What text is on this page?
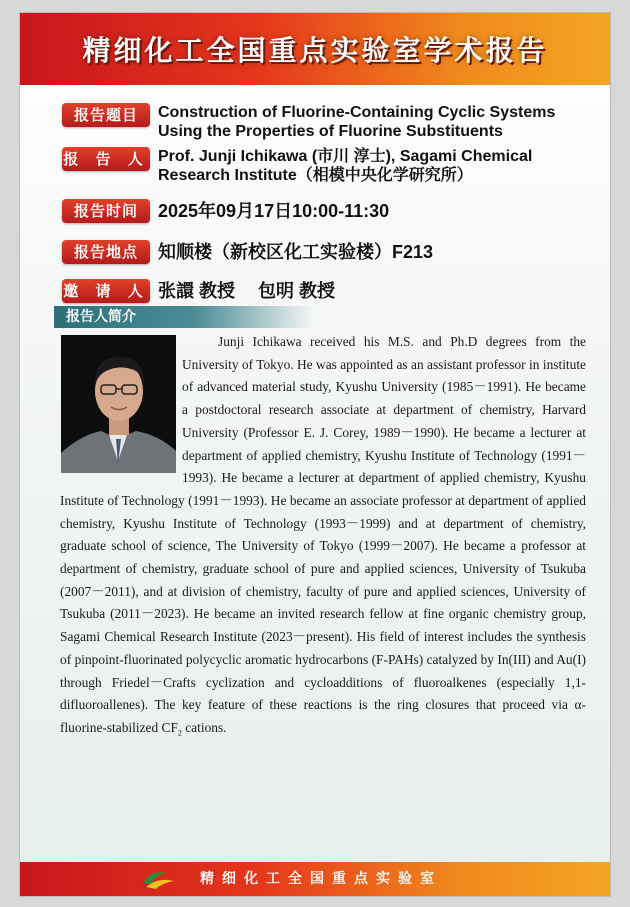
精细化工全国重点实验室学术报告
报告题目	Construction of Fluorine-Containing Cyclic Systems Using the Properties of Fluorine Substituents
报 告 人 Prof. Junji Ichikawa (市川 淳士), Sagami Chemical Research Institute（相模中央化学研究所）
报告时间	2025年09月17日10:00-11:30
报告地点	知顺楼（新校区化工实验楼）F213
邀 请 人 张譞 教授　 包明 教授
报告人简介
Junji Ichikawa received his M.S. and Ph.D degrees from the University of Tokyo. He was appointed as an assistant professor in institute of advanced material study, Kyushu University (1985－1991). He became a postdoctoral research associate at department of chemistry, Harvard University (Professor E. J. Corey, 1989－1990). He became a lecturer at department of applied chemistry, Kyushu Institute of Technology (1991－1993). He became a lecturer at department of applied chemistry, Kyushu Institute of Technology (1991－1993). He became an associate professor at department of applied chemistry, Kyushu Institute of Technology (1993－1999) and at department of chemistry, graduate school of science, The University of Tokyo (1999－2007). He became a professor at department of chemistry, graduate school of pure and applied sciences, University of Tsukuba (2007－2011), and at division of chemistry, faculty of pure and applied sciences, University of Tsukuba (2011－2023). He became an invited research fellow at fine organic chemistry group, Sagami Chemical Research Institute (2023－present). His field of interest includes the synthesis of pinpoint-fluorinated polycyclic aromatic hydrocarbons (F-PAHs) catalyzed by In(III) and Au(I) through Friedel－Crafts cyclization and cycloadditions of fluoroalkenes (especially 1,1-difluoroallenes). The key feature of these reactions is the ring closures that proceed via α-fluorine-stabilized $CF_2$ cations.
精细化工全国重点实验室
